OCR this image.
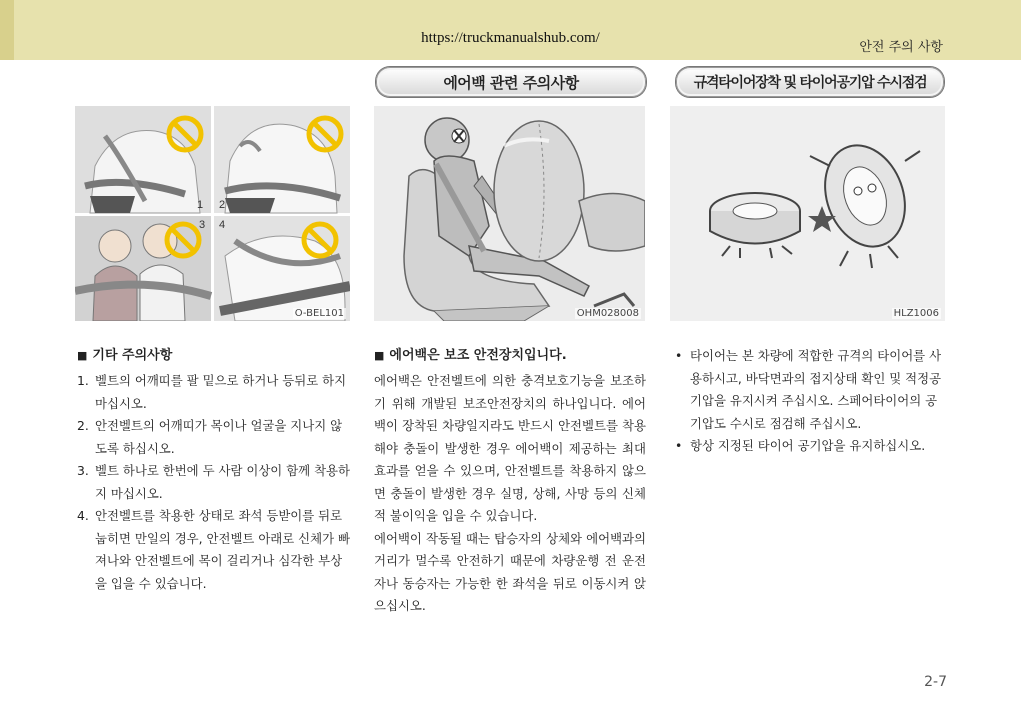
https://truckmanualshub.com/
안전 주의 사항
에어백 관련 주의사항	규격타이어장착 및 타이어공기압 수시점검
1 2
3 4
O-BEL101	OHM028008	HLZ1006
■ 기타 주의사항
1. 벨트의 어깨띠를 팔 밑으로 하거나 등뒤로 하지 마십시오.
2. 안전벨트의 어깨띠가 목이나 얼굴을 지나지 않도록 하십시오.
3. 벨트 하나로 한번에 두 사람 이상이 함께 착용하지 마십시오.
4. 안전벨트를 착용한 상태로 좌석 등받이를 뒤로 눕히면 만일의 경우, 안전벨트 아래로 신체가 빠져나와 안전벨트에 목이 걸리거나 심각한 부상을 입을 수 있습니다.
■ 에어백은 보조 안전장치입니다.

에어백은 안전벨트에 의한 충격보호기능을 보조하기 위해 개발된 보조안전장치의 하나입니다. 에어백이 장착된 차량일지라도 반드시 안전벨트를 착용해야 충돌이 발생한 경우 에어백이 제공하는 최대 효과를 얻을 수 있으며, 안전벨트를 착용하지 않으면 충돌이 발생한 경우 실명, 상해, 사망 등의 신체적 불이익을 입을 수 있습니다.

에어백이 작동될 때는 탑승자의 상체와 에어백과의 거리가 멀수록 안전하기 때문에 차량운행 전 운전자나 동승자는 가능한 한 좌석을 뒤로 이동시켜 앉으십시오.

• 타이어는 본 차량에 적합한 규격의 타이어를 사용하시고, 바닥면과의 접지상태 확인 및 적정공기압을 유지시켜 주십시오. 스페어타이어의 공기압도 수시로 점검해 주십시오.
• 항상 지정된 타이어 공기압을 유지하십시오.
2-7
